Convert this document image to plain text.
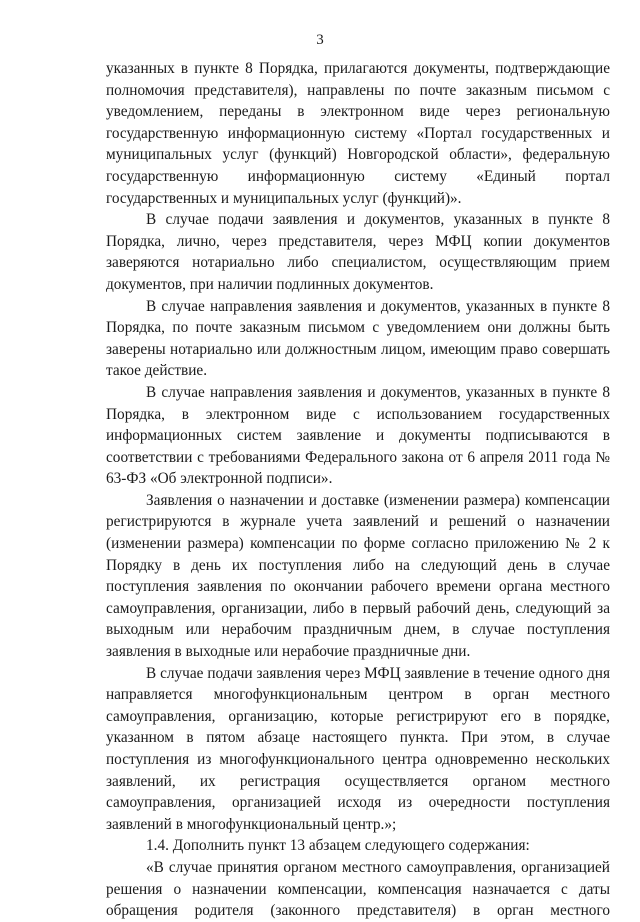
3

указанных в пункте 8 Порядка, прилагаются документы, подтверждающие полномочия представителя), направлены по почте заказным письмом с уведомлением, переданы в электронном виде через региональную государственную информационную систему «Портал государственных и муниципальных услуг (функций) Новгородской области», федеральную государственную информационную систему «Единый портал государственных и муниципальных услуг (функций)».

В случае подачи заявления и документов, указанных в пункте 8 Порядка, лично, через представителя, через МФЦ копии документов заверяются нотариально либо специалистом, осуществляющим прием документов, при наличии подлинных документов.

В случае направления заявления и документов, указанных в пункте 8 Порядка, по почте заказным письмом с уведомлением они должны быть заверены нотариально или должностным лицом, имеющим право совершать такое действие.

В случае направления заявления и документов, указанных в пункте 8 Порядка, в электронном виде с использованием государственных информационных систем заявление и документы подписываются в соответствии с требованиями Федерального закона от 6 апреля 2011 года № 63-ФЗ «Об электронной подписи».

Заявления о назначении и доставке (изменении размера) компенсации регистрируются в журнале учета заявлений и решений о назначении (изменении размера) компенсации по форме согласно приложению № 2 к Порядку в день их поступления либо на следующий день в случае поступления заявления по окончании рабочего времени органа местного самоуправления, организации, либо в первый рабочий день, следующий за выходным или нерабочим праздничным днем, в случае поступления заявления в выходные или нерабочие праздничные дни.

В случае подачи заявления через МФЦ заявление в течение одного дня направляется многофункциональным центром в орган местного самоуправления, организацию, которые регистрируют его в порядке, указанном в пятом абзаце настоящего пункта. При этом, в случае поступления из многофункционального центра одновременно нескольких заявлений, их регистрация осуществляется органом местного самоуправления, организацией исходя из очередности поступления заявлений в многофункциональный центр.»;

1.4. Дополнить пункт 13 абзацем следующего содержания:

«В случае принятия органом местного самоуправления, организацией решения о назначении компенсации, компенсация назначается с даты обращения родителя (законного представителя) в орган местного
